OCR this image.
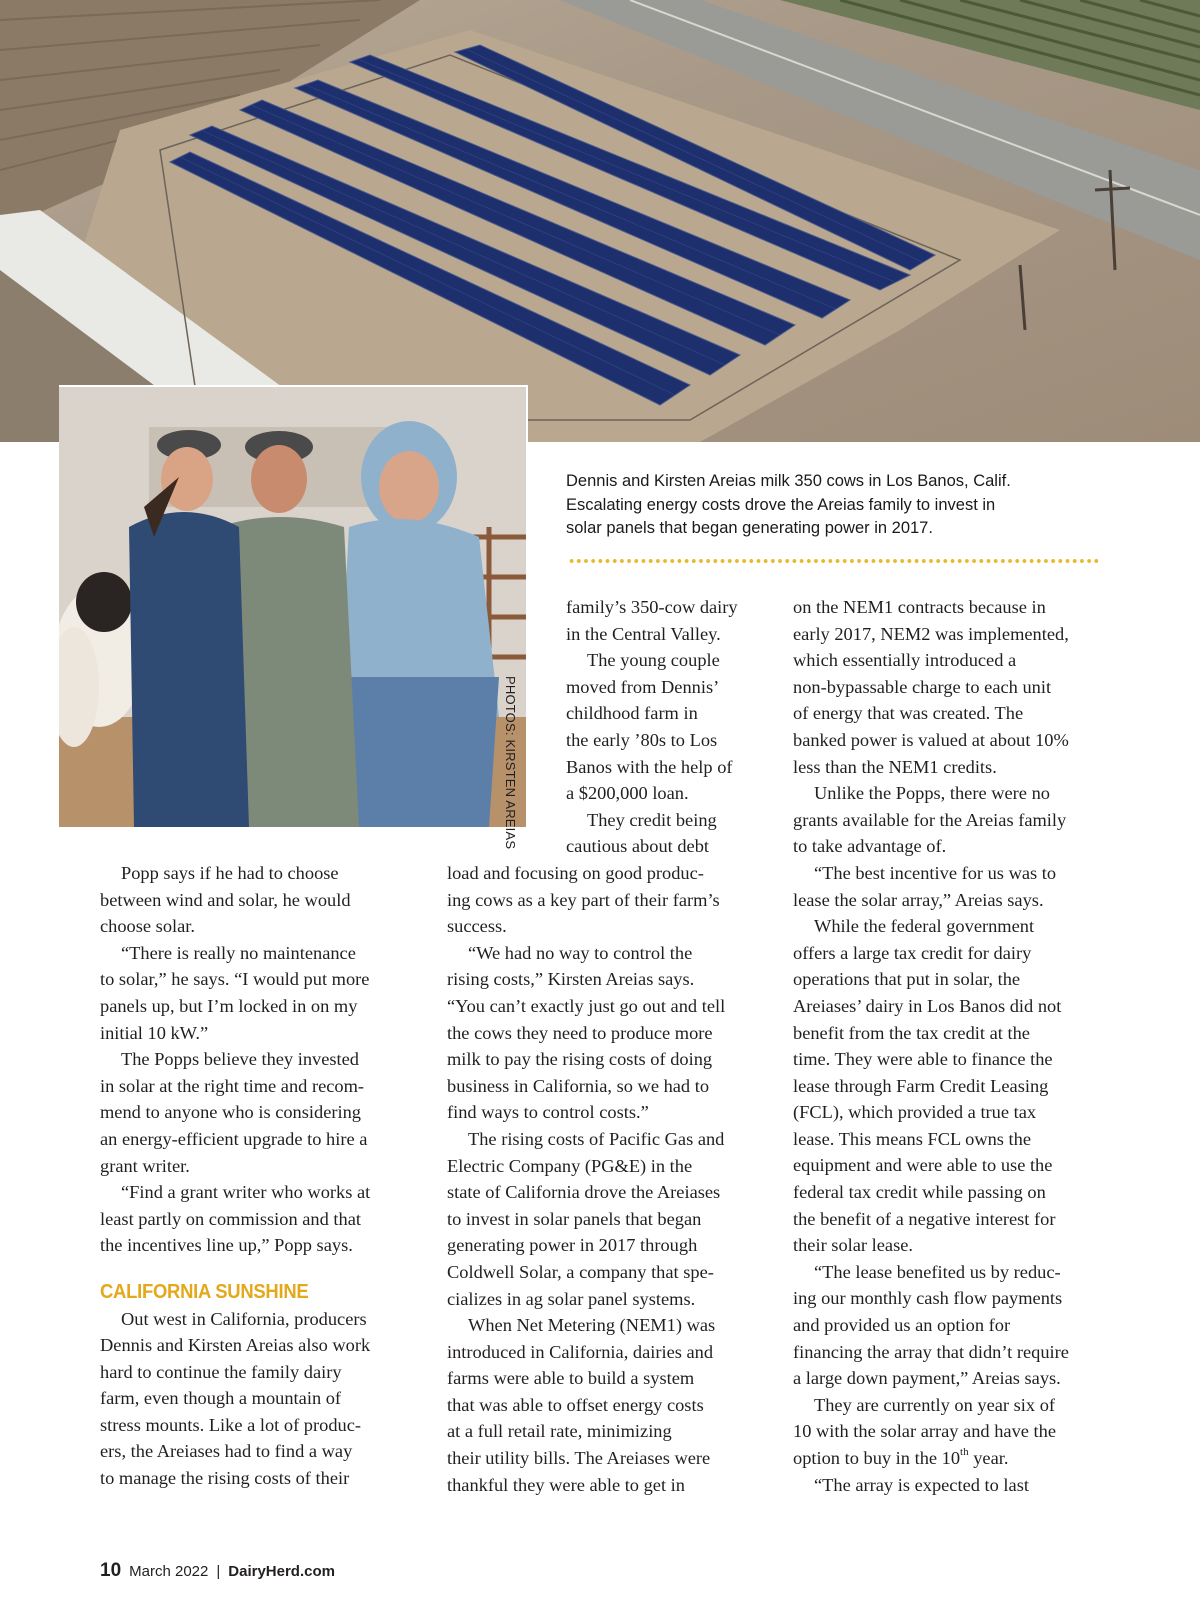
PHOTOS: KIRSTEN AREIAS

Dennis and Kirsten Areias milk 350 cows in Los Banos, Calif.

Escalating energy costs drove the Areias family to invest in

solar panels that began generating power in 2017.

Popp says if he had to choose
between wind and solar, he would
choose solar.

“There is really no maintenance
to solar,” he says. “I would put more
panels up, but I’m locked in on my
initial 10 kW.”

The Popps believe they invested
in solar at the right time and recom-
mend to anyone who is considering
an energy-efficient upgrade to hire a
grant writer.

“Find a grant writer who works at
least partly on commission and that
the incentives line up,” Popp says.

CALIFORNIA SUNSHINE

Out west in California, producers
Dennis and Kirsten Areias also work
hard to continue the family dairy
farm, even though a mountain of
stress mounts. Like a lot of produc-
ers, the Areiases had to find a way
to manage the rising costs of their

family’s 350-cow dairy
in the Central Valley.

The young couple
moved from Dennis’
childhood farm in
the early ’80s to Los
Banos with the help of
a $200,000 loan.

They credit being
cautious about debt

load and focusing on good produc-
ing cows as a key part of their farm’s
success.

“We had no way to control the
rising costs,” Kirsten Areias says.
“You can’t exactly just go out and tell
the cows they need to produce more
milk to pay the rising costs of doing
business in California, so we had to
find ways to control costs.”

The rising costs of Pacific Gas and
Electric Company (PG&E) in the
state of California drove the Areiases
to invest in solar panels that began
generating power in 2017 through
Coldwell Solar, a company that spe-
cializes in ag solar panel systems.

When Net Metering (NEM1) was
introduced in California, dairies and
farms were able to build a system
that was able to offset energy costs
at a full retail rate, minimizing
their utility bills. The Areiases were
thankful they were able to get in

on the NEM1 contracts because in
early 2017, NEM2 was implemented,
which essentially introduced a
non-bypassable charge to each unit
of energy that was created. The
banked power is valued at about 10%
less than the NEM1 credits.

Unlike the Popps, there were no
grants available for the Areias family
to take advantage of.

“The best incentive for us was to
lease the solar array,” Areias says.

While the federal government
offers a large tax credit for dairy
operations that put in solar, the
Areiases’ dairy in Los Banos did not
benefit from the tax credit at the
time. They were able to finance the
lease through Farm Credit Leasing
(FCL), which provided a true tax
lease. This means FCL owns the
equipment and were able to use the
federal tax credit while passing on
the benefit of a negative interest for
their solar lease.

“The lease benefited us by reduc-
ing our monthly cash flow payments
and provided us an option for
financing the array that didn’t require
a large down payment,” Areias says.

They are currently on year six of
10 with the solar array and have the
option to buy in the 10th year.

“The array is expected to last

10 March 2022 | DairyHerd.com
